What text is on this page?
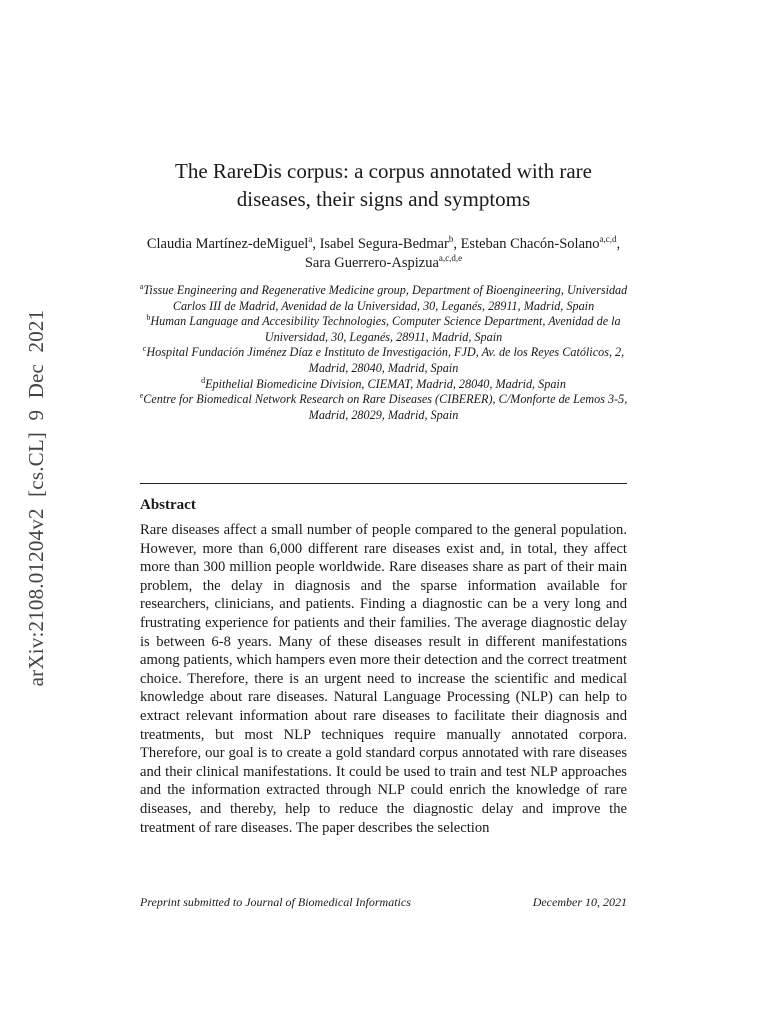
arXiv:2108.01204v2 [cs.CL] 9 Dec 2021
The RareDis corpus: a corpus annotated with rare diseases, their signs and symptoms
Claudia Martínez-deMiguel$^a$, Isabel Segura-Bedmar$^b$, Esteban Chacón-Solano$^{a,c,d}$, Sara Guerrero-Aspizua$^{a,c,d,e}$

$^a$Tissue Engineering and Regenerative Medicine group, Department of Bioengineering, Universidad Carlos III de Madrid, Avenidad de la Universidad, 30, Leganés, 28911, Madrid, Spain

$^b$Human Language and Accesibility Technologies, Computer Science Department, Avenidad de la Universidad, 30, Leganés, 28911, Madrid, Spain

$^c$Hospital Fundación Jiménez Díaz e Instituto de Investigación, FJD, Av. de los Reyes Católicos, 2, Madrid, 28040, Madrid, Spain

$^d$Epithelial Biomedicine Division, CIEMAT, Madrid, 28040, Madrid, Spain

$^e$Centre for Biomedical Network Research on Rare Diseases (CIBERER), C/Monforte de Lemos 3-5, Madrid, 28029, Madrid, Spain

Abstract
Rare diseases affect a small number of people compared to the general population. However, more than 6,000 different rare diseases exist and, in total, they affect more than 300 million people worldwide. Rare diseases share as part of their main problem, the delay in diagnosis and the sparse information available for researchers, clinicians, and patients. Finding a diagnostic can be a very long and frustrating experience for patients and their families. The average diagnostic delay is between 6-8 years. Many of these diseases result in different manifestations among patients, which hampers even more their detection and the correct treatment choice. Therefore, there is an urgent need to increase the scientific and medical knowledge about rare diseases. Natural Language Processing (NLP) can help to extract relevant information about rare diseases to facilitate their diagnosis and treatments, but most NLP techniques require manually annotated corpora. Therefore, our goal is to create a gold standard corpus annotated with rare diseases and their clinical manifestations. It could be used to train and test NLP approaches and the information extracted through NLP could enrich the knowledge of rare diseases, and thereby, help to reduce the diagnostic delay and improve the treatment of rare diseases. The paper describes the selection
Preprint submitted to Journal of Biomedical Informatics	December 10, 2021
